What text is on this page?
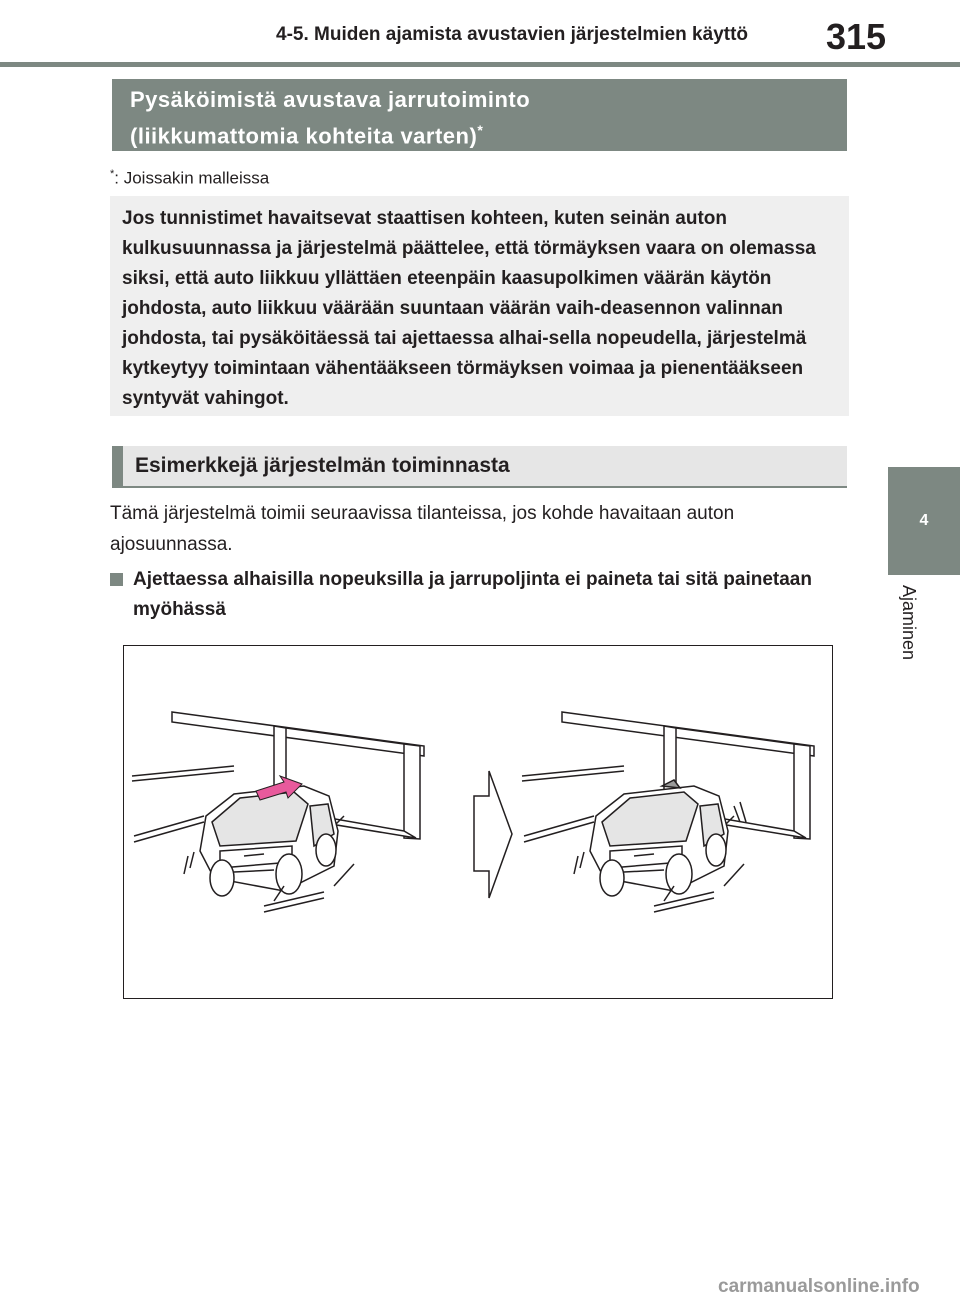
4-5. Muiden ajamista avustavien järjestelmien käyttö 315
4
Ajaminen
Pysäköimistä avustava jarrutoiminto
(liikkumattomia kohteita varten)*
*: Joissakin malleissa
Jos tunnistimet havaitsevat staattisen kohteen, kuten seinän auton kulkusuunnassa ja järjestelmä päättelee, että törmäyksen vaara on olemassa siksi, että auto liikkuu yllättäen eteenpäin kaasupolkimen väärän käytön johdosta, auto liikkuu väärään suuntaan väärän vaih-deasennon valinnan johdosta, tai pysäköitäessä tai ajettaessa alhai-sella nopeudella, järjestelmä kytkeytyy toimintaan vähentääkseen törmäyksen voimaa ja pienentääkseen syntyvät vahingot.
Esimerkkejä järjestelmän toiminnasta
Tämä järjestelmä toimii seuraavissa tilanteissa, jos kohde havaitaan auton ajosuunnassa.
Ajettaessa alhaisilla nopeuksilla ja jarrupoljinta ei paineta tai sitä painetaan myöhässä
carmanualsonline.info
